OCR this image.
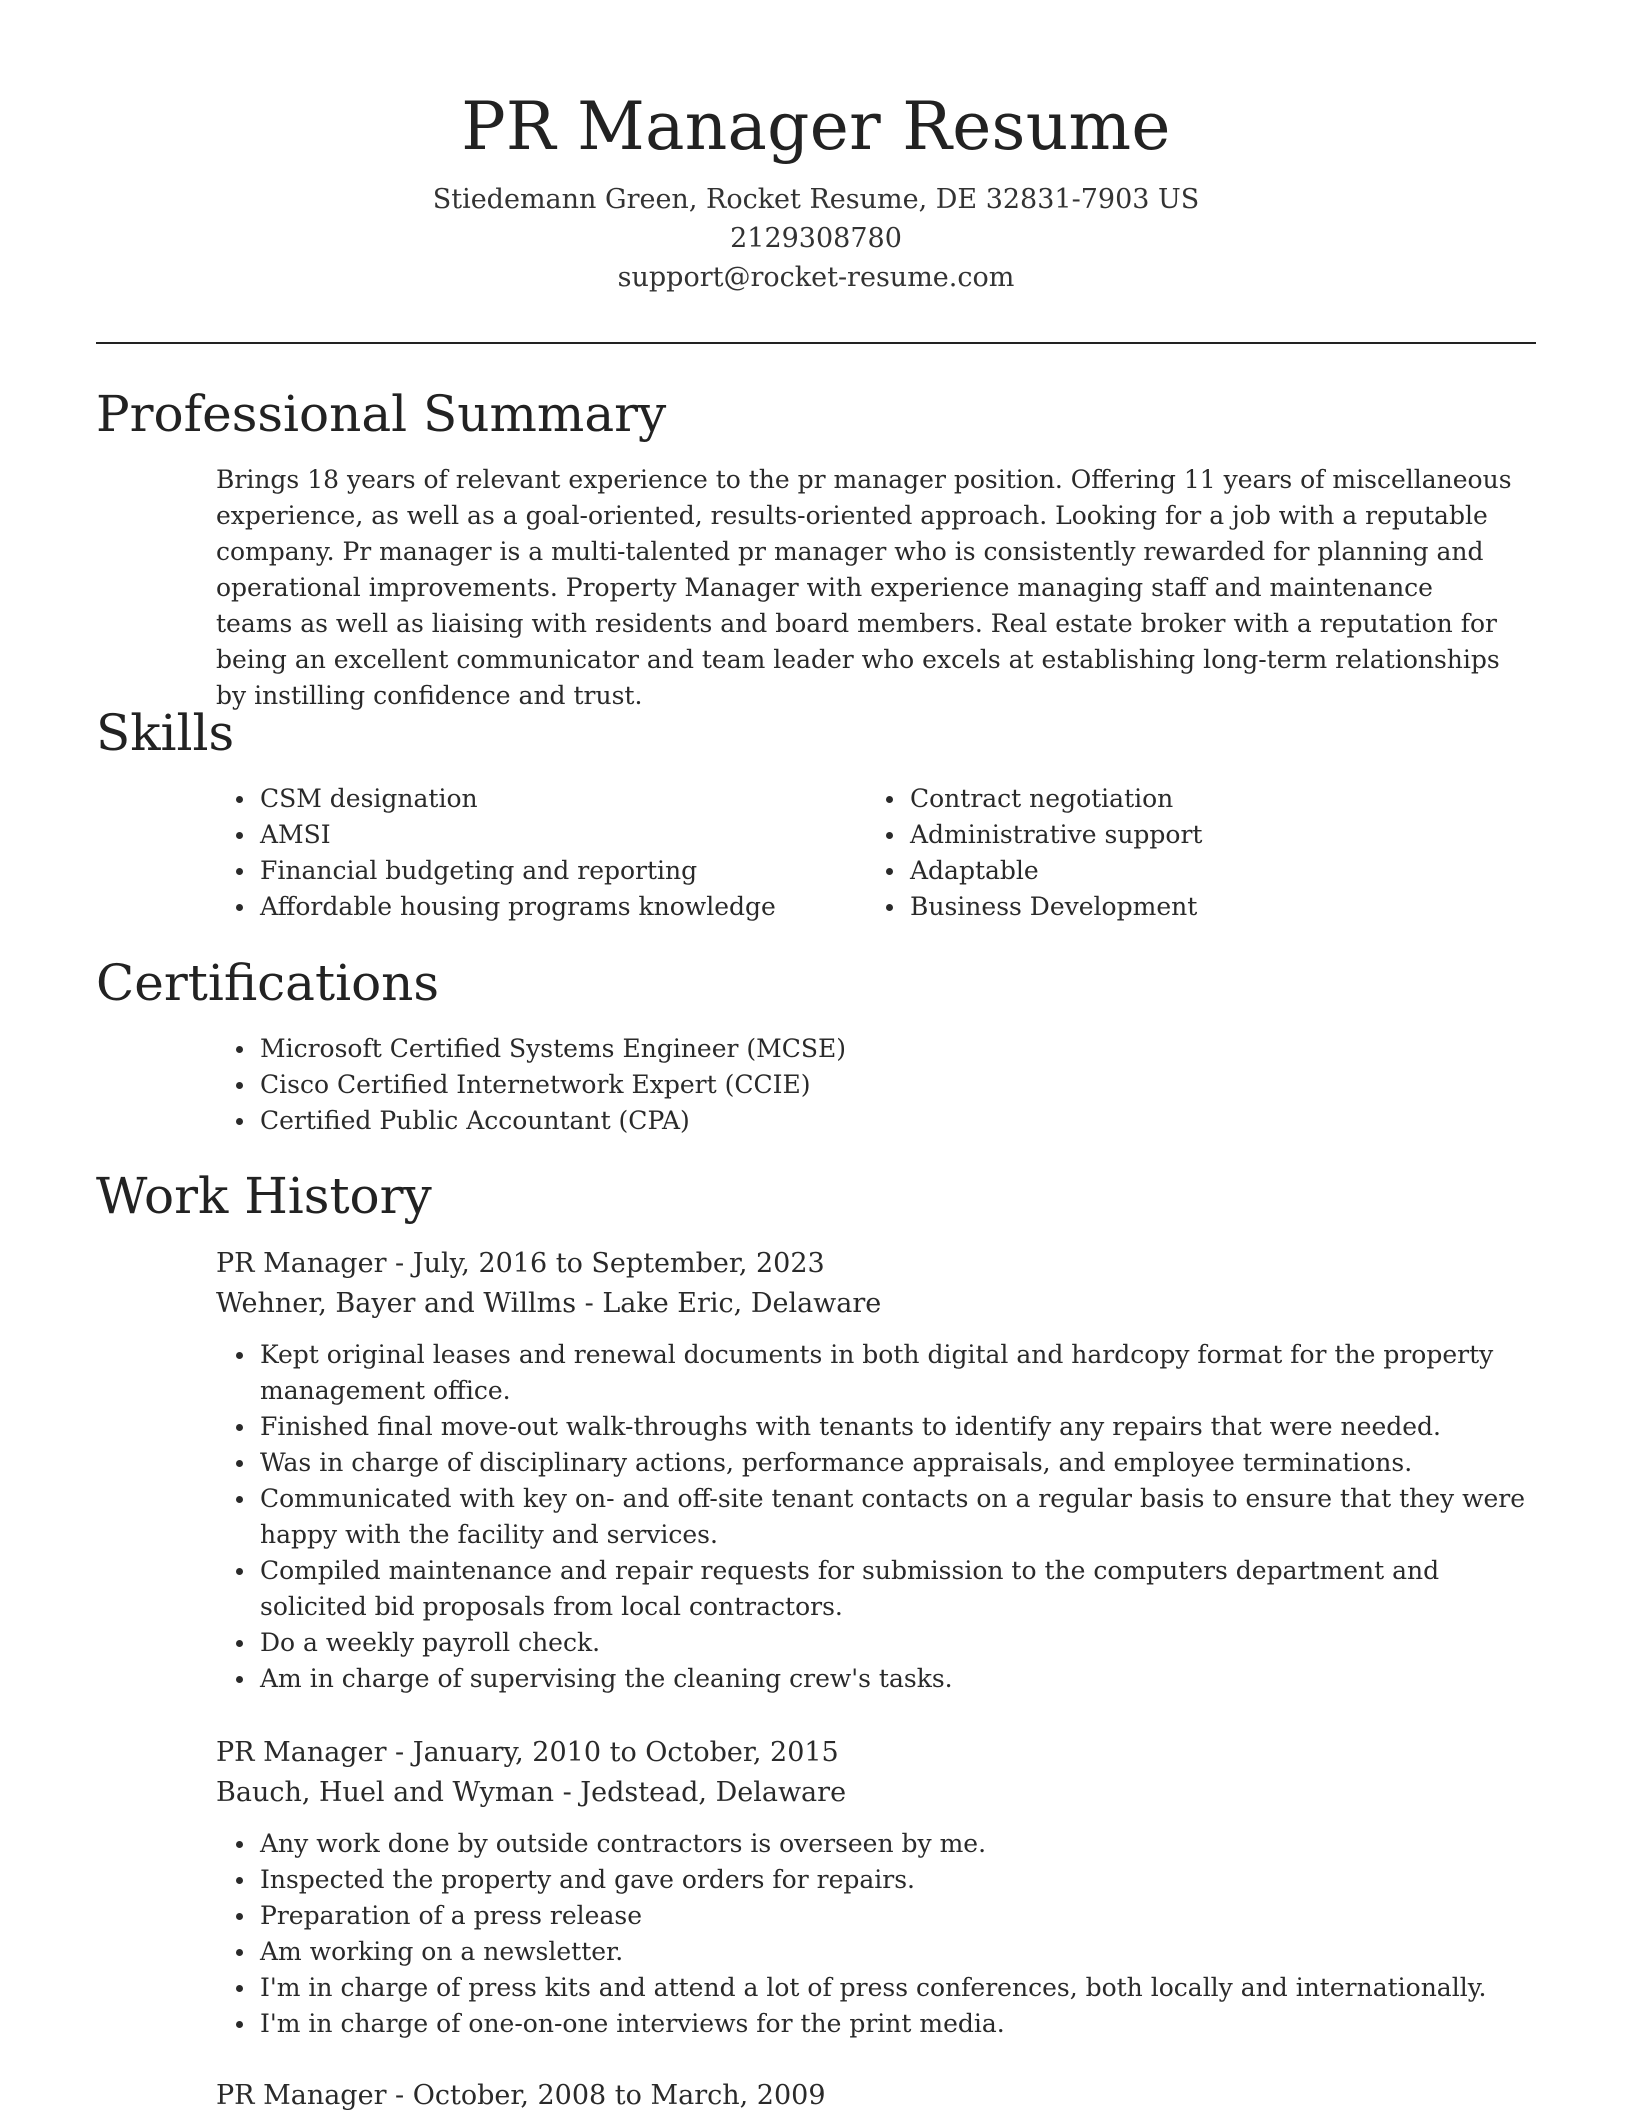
PR Manager Resume
Stiedemann Green, Rocket Resume, DE 32831-7903 US
2129308780
support@rocket-resume.com
Professional Summary

Brings 18 years of relevant experience to the pr manager position. Offering 11 years of miscellaneous experience, as well as a goal-oriented, results-oriented approach. Looking for a job with a reputable company. Pr manager is a multi-talented pr manager who is consistently rewarded for planning and operational improvements. Property Manager with experience managing staff and maintenance teams as well as liaising with residents and board members. Real estate broker with a reputation for being an excellent communicator and team leader who excels at establishing long-term relationships by instilling confidence and trust.

Skills
CSM designation
AMSI
Financial budgeting and reporting
Affordable housing programs knowledge
Contract negotiation
Administrative support
Adaptable
Business Development
Certifications
Microsoft Certified Systems Engineer (MCSE)
Cisco Certified Internetwork Expert (CCIE)
Certified Public Accountant (CPA)
Work History
PR Manager - July, 2016 to September, 2023
Wehner, Bayer and Willms - Lake Eric, Delaware
Kept original leases and renewal documents in both digital and hardcopy format for the property management office.
Finished final move-out walk-throughs with tenants to identify any repairs that were needed.
Was in charge of disciplinary actions, performance appraisals, and employee terminations.
Communicated with key on- and off-site tenant contacts on a regular basis to ensure that they were happy with the facility and services.
Compiled maintenance and repair requests for submission to the computers department and solicited bid proposals from local contractors.
Do a weekly payroll check.
Am in charge of supervising the cleaning crew's tasks.
PR Manager - January, 2010 to October, 2015
Bauch, Huel and Wyman - Jedstead, Delaware
Any work done by outside contractors is overseen by me.
Inspected the property and gave orders for repairs.
Preparation of a press release
Am working on a newsletter.
I'm in charge of press kits and attend a lot of press conferences, both locally and internationally.
I'm in charge of one-on-one interviews for the print media.
PR Manager - October, 2008 to March, 2009
